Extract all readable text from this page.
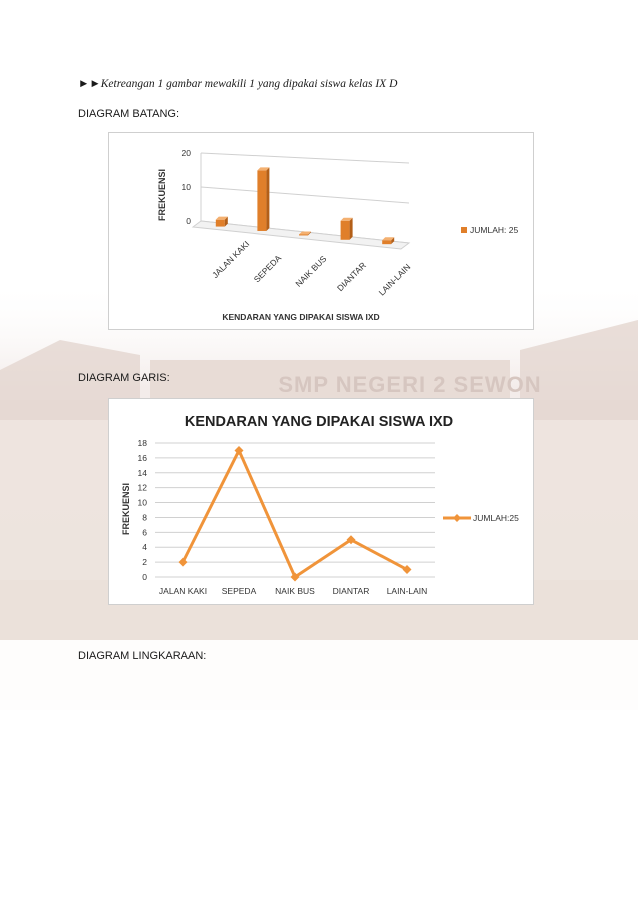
SMP NEGERI 2 SEWON
►►Ketreangan 1 gambar mewakili 1 yang dipakai siswa kelas IX D
DIAGRAM BATANG:
0
10
20
JALAN KAKI SEPEDA NAIK BUS DIANTAR LAIN-LAIN
FREKUENSI
KENDARAN YANG DIPAKAI SISWA IXD
JUMLAH: 25
DIAGRAM GARIS:
KENDARAN YANG DIPAKAI SISWA IXD
0
2
4
6
8
10
12
14
16
18
JALAN KAKI SEPEDA NAIK BUS DIANTAR LAIN-LAIN
FREKUENSI	JUMLAH:25
DIAGRAM LINGKARAAN:
